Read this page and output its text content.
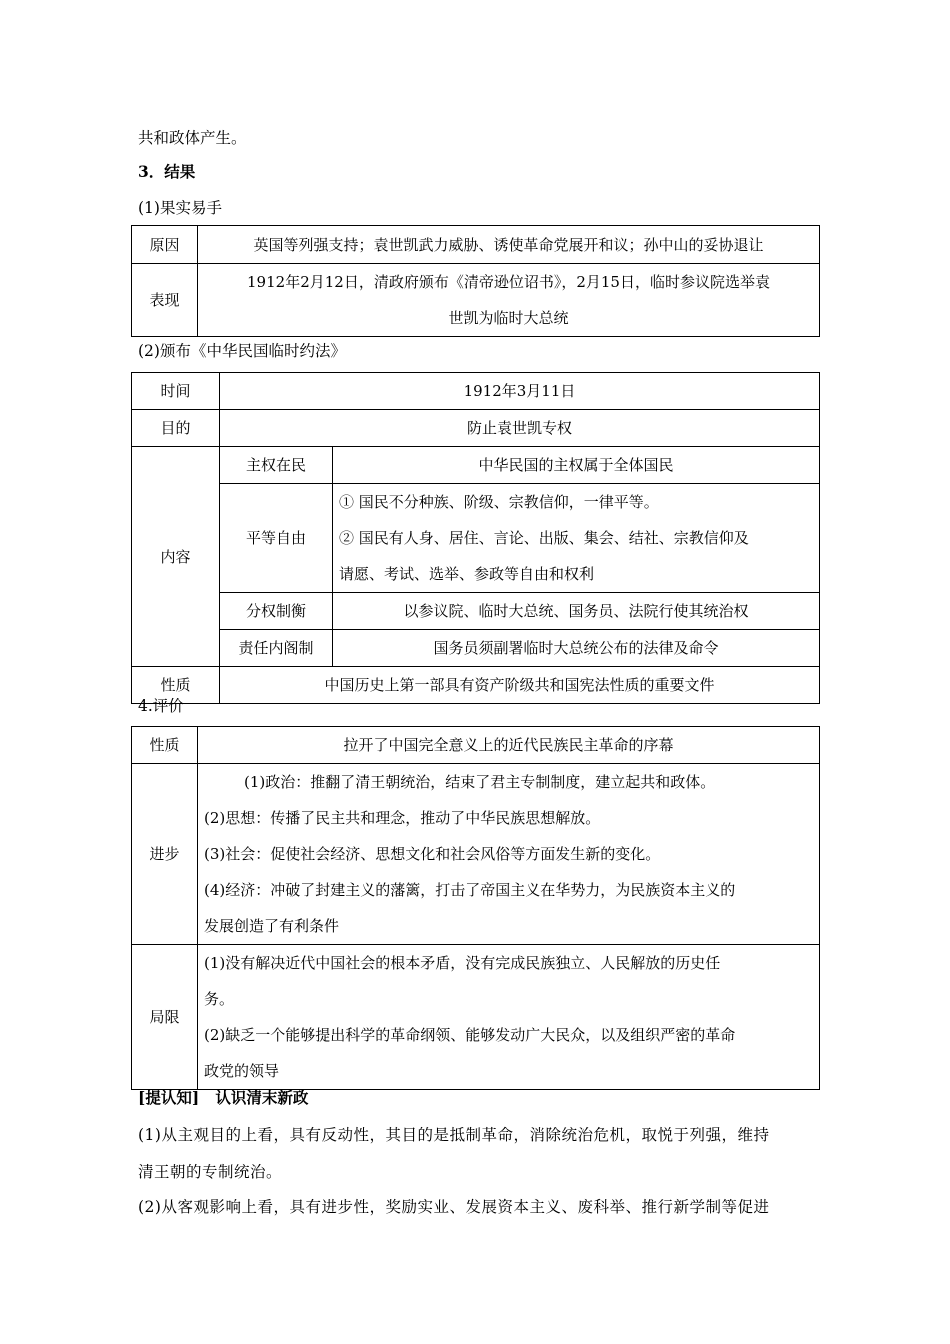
共和政体产生。
3．结果
(1)果实易手
原因	英国等列强支持；袁世凯武力威胁、诱使革命党展开和议；孙中山的妥协退让
表现	1912年2月12日，清政府颁布《清帝逊位诏书》，2月15日，临时参议院选举袁
世凯为临时大总统
(2)颁布《中华民国临时约法》
时间	1912年3月11日	
目的	防止袁世凯专权	
内容	主权在民	中华民国的主权属于全体国民
	平等自由	① 国民不分种族、阶级、宗教信仰，一律平等。
② 国民有人身、居住、言论、出版、集会、结社、宗教信仰及
请愿、考试、选举、参政等自由和权利

	分权制衡	以参议院、临时大总统、国务员、法院行使其统治权
	责任内阁制	国务员须副署临时大总统公布的法律及命令
性质	中国历史上第一部具有资产阶级共和国宪法性质的重要文件	
4.评价
性质	拉开了中国完全意义上的近代民族民主革命的序幕
进步	(1)政治：推翻了清王朝统治，结束了君主专制制度，建立起共和政体。
(2)思想：传播了民主共和理念，推动了中华民族思想解放。
(3)社会：促使社会经济、思想文化和社会风俗等方面发生新的变化。
(4)经济：冲破了封建主义的藩篱，打击了帝国主义在华势力，为民族资本主义的
发展创造了有利条件

局限	(1)没有解决近代中国社会的根本矛盾，没有完成民族独立、人民解放的历史任
务。
(2)缺乏一个能够提出科学的革命纲领、能够发动广大民众，以及组织严密的革命
政党的领导
[提认知] 认识清末新政
(1)从主观目的上看，具有反动性，其目的是抵制革命，消除统治危机，取悦于列强，维持
清王朝的专制统治。
(2)从客观影响上看，具有进步性，奖励实业、发展资本主义、废科举、推行新学制等促进
